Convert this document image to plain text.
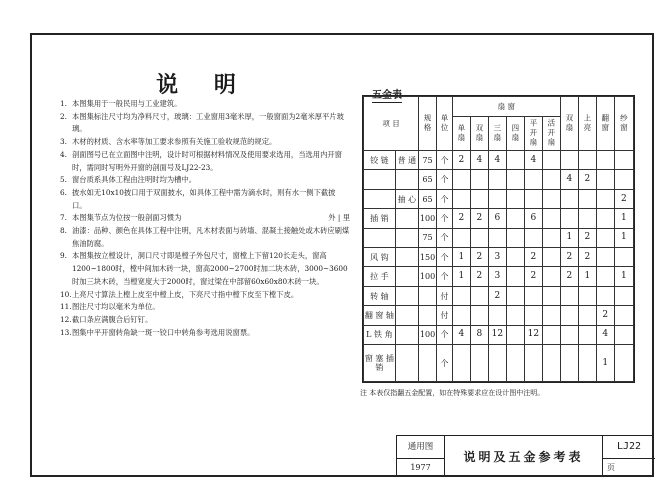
说 明
1. 本图集用于一般民用与工业建筑。
2. 本图集标注尺寸均为净料尺寸，玻璃：工业窗用3毫米厚，一般窗面为2毫米厚平片玻璃。
3. 木材的材质、含水率等加工要求参照有关施工验收规范的规定。
4. 剖面图号已在立面图中注明，设计时可根据材料情况及使用要求选用，当选用内开窗时，需同时写明外开窗的剖面号及LJ22-23。
5. 窗台质系具体工程由注明时均为槽中。
6. 披水如无10x10披口用于双面披水，如具体工程中需为滴水时，则有水一侧下截披口。
7. 本图集节点为位按一般剖面习惯为	外 | 里
8. 油漆：品种、颜色在具体工程中注明，凡木材表面与砖墙、混凝土接触处或木砖应刷煤焦油防腐。
9. 本图集按立樘设计，洞口尺寸即是樘子外包尺寸，窗樘上下留120长走头，窗高1200~1800时，樘中间加木砖一块，窗高2000~2700时加二块木砖，3000~3600时加三块木砖，当樘宽度大于2000时，窗过梁在中部留60x60x80木砖一块。
10. 上亮尺寸算法上樘上皮至中樘上皮，下亮尺寸指中樘下皮至下樘下皮。
11. 图注尺寸均以毫米为单位。
12. 截口条应满腹合后钉钉。
13. 图集中平开窗转角缺一斑一铰口中转角参考选用说窗票。
五金表
项 目		规格	单位	扇 窗						双扇	上亮	翻窗	纱窗
				单扇	双扇	三扇	四扇	平开扇	活开扇				
铰 链	普 通	75	个	2	4	4		4					
		65	个							4	2		
	抽 心	65	个										2
插 销		100	个	2	2	6		6					1
		75	个							1	2		1
风 钩		150	个	1	2	3		2		2	2		
拉 手		100	个	1	2	3		2		2	1		1
转 轴			付			2							
翻 窗 轴			付									2	
L 铁 角		100	个	4	8	12		12				4	
窗 塞 插 销			个									1	
注 本表仅指翻五金配置，如在特殊要求应在设计图中注明。
通用图
1977
说明及五金参考表
LJ22
页
